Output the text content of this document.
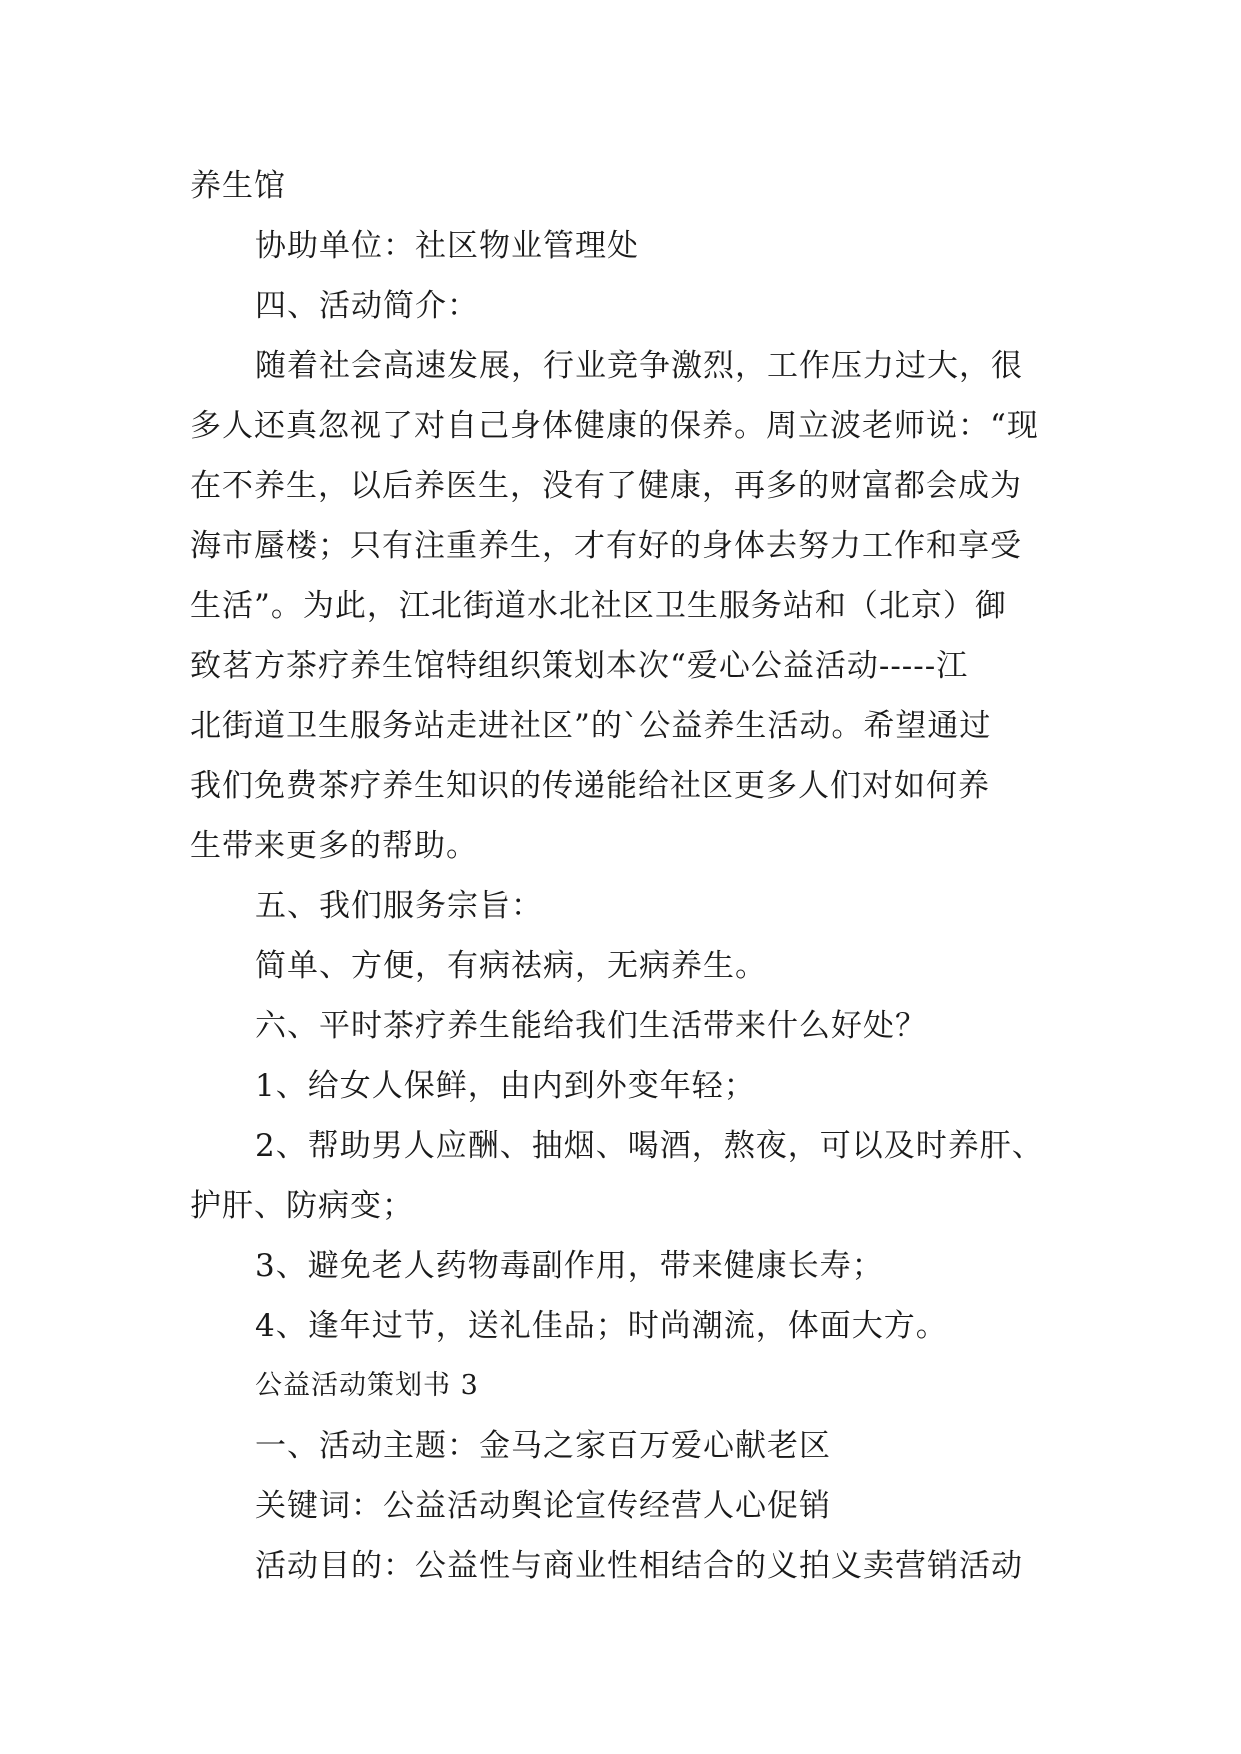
养生馆

协助单位：社区物业管理处

四、活动简介：

随着社会高速发展，行业竞争激烈，工作压力过大，很

多人还真忽视了对自己身体健康的保养。周立波老师说：“现

在不养生，以后养医生，没有了健康，再多的财富都会成为

海市蜃楼；只有注重养生，才有好的身体去努力工作和享受

生活”。为此，江北街道水北社区卫生服务站和（北京）御

致茗方茶疗养生馆特组织策划本次“爱心公益活动-----江

北街道卫生服务站走进社区”的`公益养生活动。希望通过

我们免费茶疗养生知识的传递能给社区更多人们对如何养

生带来更多的帮助。

五、我们服务宗旨：

简单、方便，有病祛病，无病养生。

六、平时茶疗养生能给我们生活带来什么好处？

1、给女人保鲜，由内到外变年轻；

2、帮助男人应酬、抽烟、喝酒，熬夜，可以及时养肝、

护肝、防病变；

3、避免老人药物毒副作用，带来健康长寿；

4、逢年过节，送礼佳品；时尚潮流，体面大方。

公益活动策划书 3

一、活动主题：金马之家百万爱心献老区

关键词：公益活动舆论宣传经营人心促销

活动目的：公益性与商业性相结合的义拍义卖营销活动
